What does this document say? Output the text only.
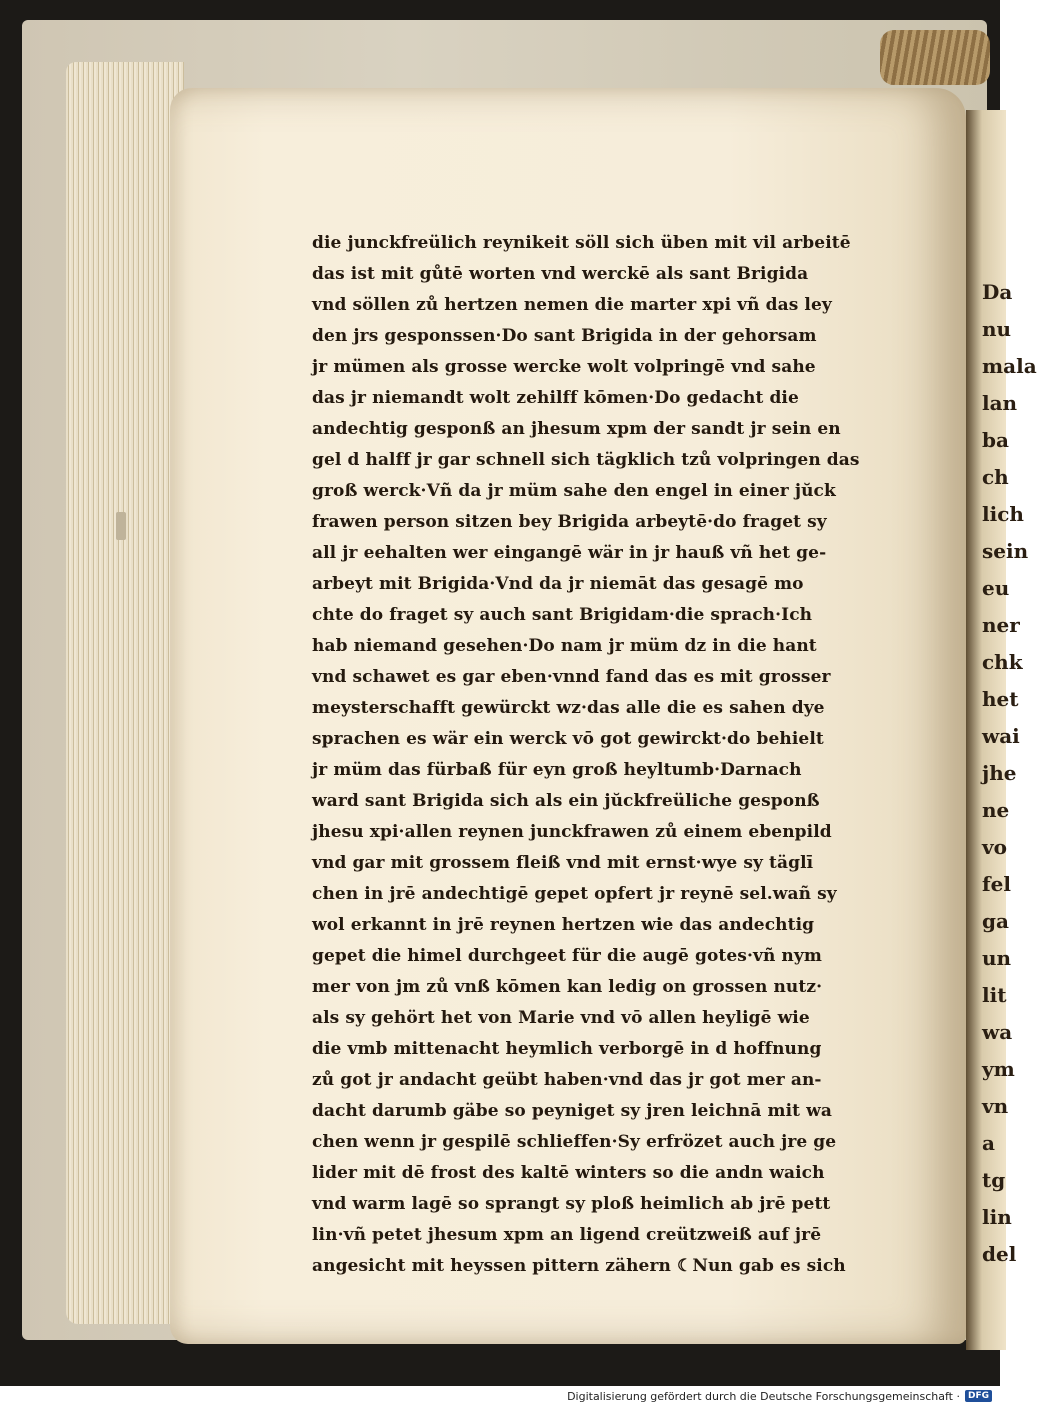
Da
nu
mala
lan
ba
ch
lich
sein
eu
ner
chk
het
wai
jhe
ne
vo
fel
ga
un
lit
wa
ym
vn
a
tg
lin
del
die junckfreülich reynikeit söll sich üben mit vil arbeitē
das ist mit gůtē worten vnd werckē als sant Brigida
vnd söllen zů hertzen nemen die marter xpi vñ das ley
den jrs gesponssen·Do sant Brigida in der gehorsam
jr mümen als grosse wercke wolt volpringē vnd sahe
das jr niemandt wolt zehilff kōmen·Do gedacht die
andechtig gesponß an jhesum xpm der sandt jr sein en
gel d halff jr gar schnell sich tägklich tzů volpringen das
groß werck·Vñ da jr müm sahe den engel in einer jŭck
frawen person sitzen bey Brigida arbeytē·do fraget sy
all jr eehalten wer eingangē wär in jr hauß vñ het ge-
arbeyt mit Brigida·Vnd da jr niemāt das gesagē mo
chte do fraget sy auch sant Brigidam·die sprach·Ich
hab niemand gesehen·Do nam jr müm dz in die hant
vnd schawet es gar eben·vnnd fand das es mit grosser
meysterschafft gewürckt wz·das alle die es sahen dye
sprachen es wär ein werck vō got gewirckt·do behielt
jr müm das fürbaß für eyn groß heyltumb·Darnach
ward sant Brigida sich als ein jŭckfreüliche gesponß
jhesu xpi·allen reynen junckfrawen zů einem ebenpild
vnd gar mit grossem fleiß vnd mit ernst·wye sy täglī
chen in jrē andechtigē gepet opfert jr reynē sel.wañ sy
wol erkannt in jrē reynen hertzen wie das andechtig
gepet die himel durchgeet für die augē gotes·vñ nym
mer von jm zů vnß kōmen kan ledig on grossen nutz·
als sy gehört het von Marie vnd vō allen heyligē wie
die vmb mittenacht heymlich verborgē in d hoffnung
zů got jr andacht geübt haben·vnd das jr got mer an-
dacht darumb gäbe so peyniget sy jren leichnā mit wa
chen wenn jr gespilē schlieffen·Sy erfrözet auch jre ge
lider mit dē frost des kaltē winters so die andn waich
vnd warm lagē so sprangt sy ploß heimlich ab jrē pett
lin·vñ petet jhesum xpm an ligend creützweiß auf jrē
angesicht mit heyssen pittern zähern ☾Nun gab es sich
Digitalisierung gefördert durch die Deutsche Forschungsgemeinschaft · DFG
